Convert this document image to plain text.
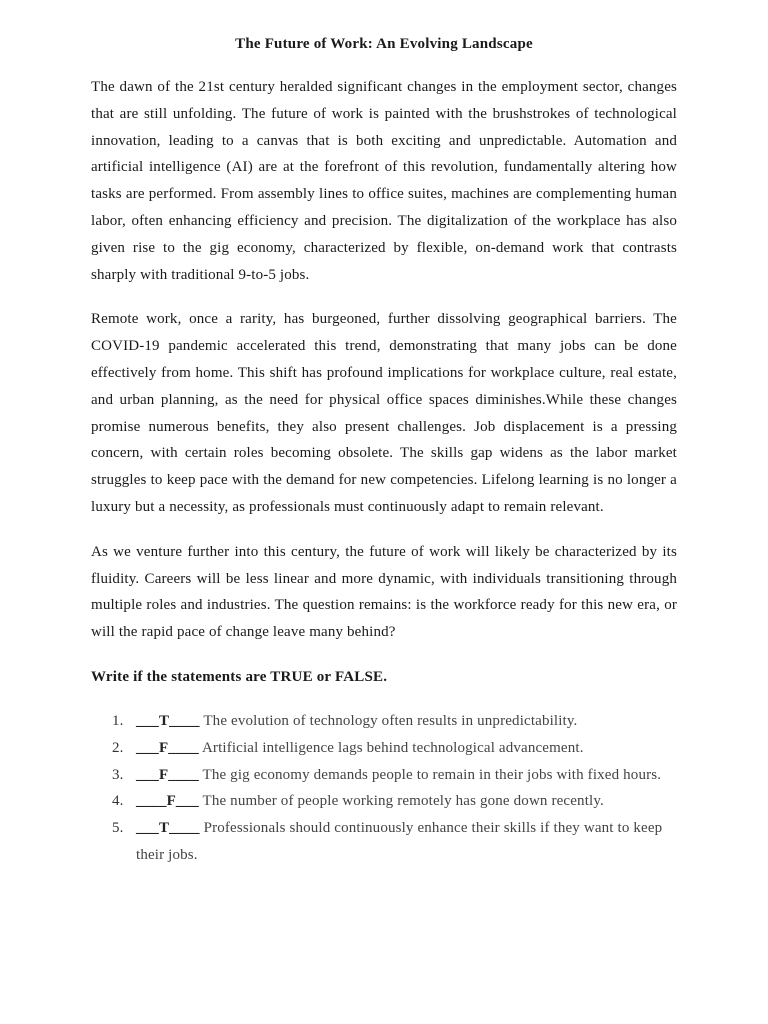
The Future of Work: An Evolving Landscape

The dawn of the 21st century heralded significant changes in the employment sector, changes that are still unfolding. The future of work is painted with the brushstrokes of technological innovation, leading to a canvas that is both exciting and unpredictable. Automation and artificial intelligence (AI) are at the forefront of this revolution, fundamentally altering how tasks are performed. From assembly lines to office suites, machines are complementing human labor, often enhancing efficiency and precision. The digitalization of the workplace has also given rise to the gig economy, characterized by flexible, on-demand work that contrasts sharply with traditional 9-to-5 jobs.

Remote work, once a rarity, has burgeoned, further dissolving geographical barriers. The COVID-19 pandemic accelerated this trend, demonstrating that many jobs can be done effectively from home. This shift has profound implications for workplace culture, real estate, and urban planning, as the need for physical office spaces diminishes.While these changes promise numerous benefits, they also present challenges. Job displacement is a pressing concern, with certain roles becoming obsolete. The skills gap widens as the labor market struggles to keep pace with the demand for new competencies. Lifelong learning is no longer a luxury but a necessity, as professionals must continuously adapt to remain relevant.

As we venture further into this century, the future of work will likely be characterized by its fluidity. Careers will be less linear and more dynamic, with individuals transitioning through multiple roles and industries. The question remains: is the workforce ready for this new era, or will the rapid pace of change leave many behind?

Write if the statements are TRUE or FALSE.

1. ___T____ The evolution of technology often results in unpredictability.
2. ___F____ Artificial intelligence lags behind technological advancement.
3. ___F____ The gig economy demands people to remain in their jobs with fixed hours.
4. ____F___ The number of people working remotely has gone down recently.
5. ___T____ Professionals should continuously enhance their skills if they want to keep their jobs.
